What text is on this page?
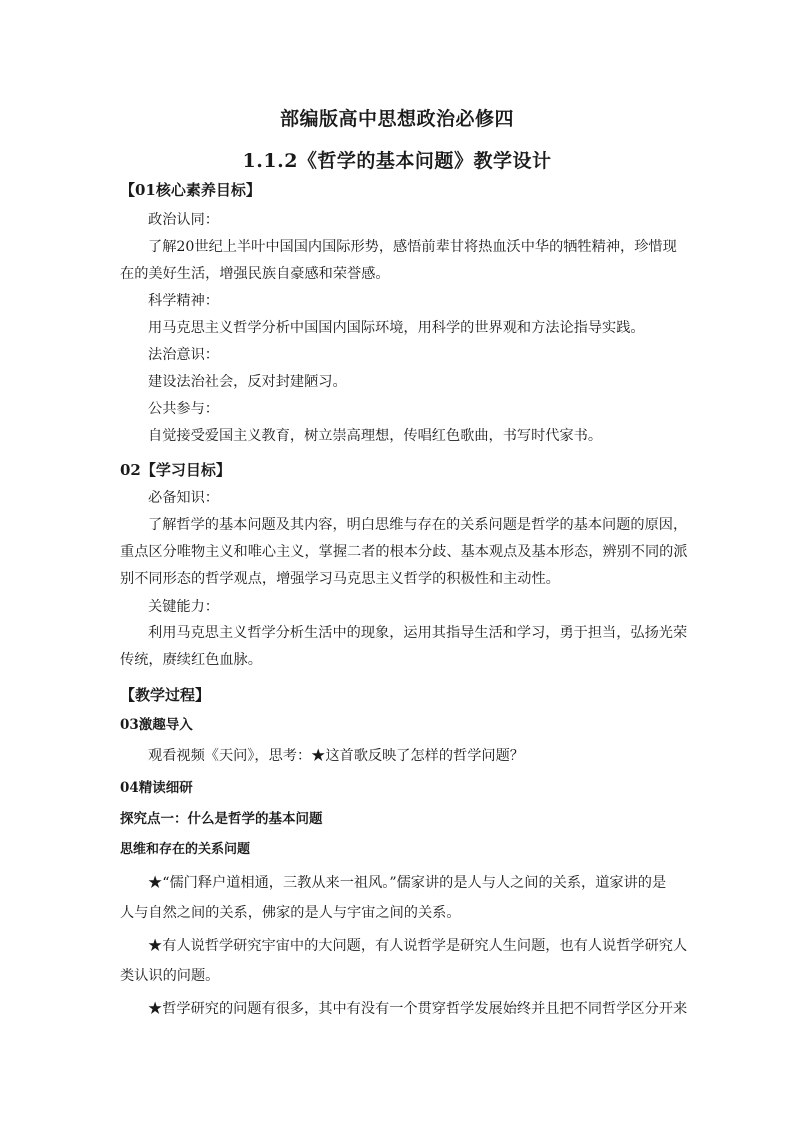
部编版高中思想政治必修四
1.1.2《哲学的基本问题》教学设计
【01核心素养目标】
政治认同：
了解20世纪上半叶中国国内国际形势，感悟前辈甘将热血沃中华的牺牲精神，珍惜现
在的美好生活，增强民族自豪感和荣誉感。
科学精神：
用马克思主义哲学分析中国国内国际环境，用科学的世界观和方法论指导实践。
法治意识：
建设法治社会，反对封建陋习。
公共参与：
自觉接受爱国主义教育，树立崇高理想，传唱红色歌曲，书写时代家书。
02【学习目标】
必备知识：
了解哲学的基本问题及其内容，明白思维与存在的关系问题是哲学的基本问题的原因，
重点区分唯物主义和唯心主义，掌握二者的根本分歧、基本观点及基本形态，辨别不同的派
别不同形态的哲学观点，增强学习马克思主义哲学的积极性和主动性。
关键能力：
利用马克思主义哲学分析生活中的现象，运用其指导生活和学习，勇于担当，弘扬光荣
传统，赓续红色血脉。
【教学过程】
03激趣导入
观看视频《天问》，思考：★这首歌反映了怎样的哲学问题？
04精读细研
探究点一：什么是哲学的基本问题
思维和存在的关系问题
★“儒门释户道相通，三教从来一祖风。”儒家讲的是人与人之间的关系，道家讲的是
人与自然之间的关系，佛家的是人与宇宙之间的关系。
★有人说哲学研究宇宙中的大问题，有人说哲学是研究人生问题，也有人说哲学研究人
类认识的问题。
★哲学研究的问题有很多，其中有没有一个贯穿哲学发展始终并且把不同哲学区分开来
